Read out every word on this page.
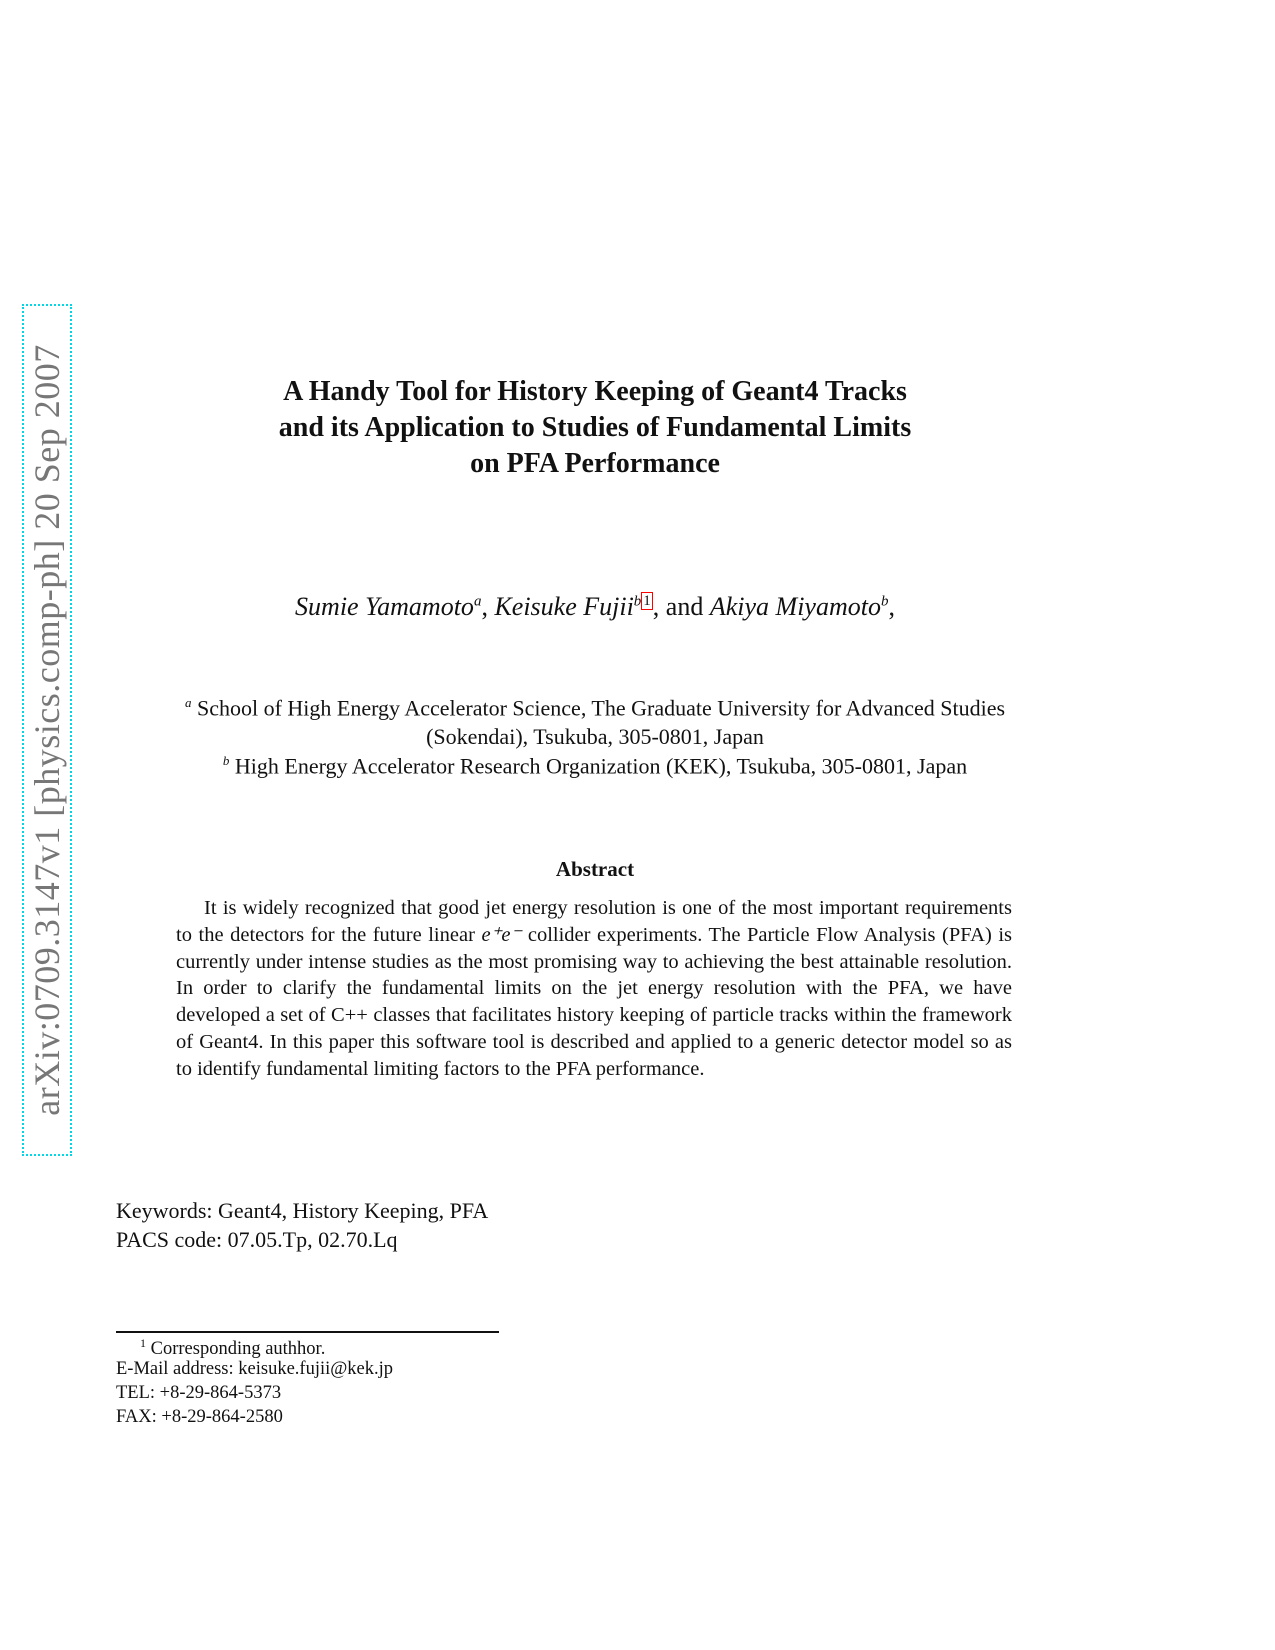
arXiv:0709.3147v1 [physics.comp-ph] 20 Sep 2007	A Handy Tool for History Keeping of Geant4 Tracks
and its Application to Studies of Fundamental Limits
on PFA Performance
Sumie Yamamoto$^a$, Keisuke Fujii$^{b 1}$, and Akiya Miyamoto$^b$,
$^a$ School of High Energy Accelerator Science, The Graduate University for Advanced Studies
(Sokendai), Tsukuba, 305-0801, Japan
$^b$ High Energy Accelerator Research Organization (KEK), Tsukuba, 305-0801, Japan
Abstract
It is widely recognized that good jet energy resolution is one of the most important requirements to the detectors for the future linear e⁺e⁻ collider experiments. The Particle Flow Analysis (PFA) is currently under intense studies as the most promising way to achieving the best attainable resolution. In order to clarify the fundamental limits on the jet energy resolution with the PFA, we have developed a set of C++ classes that facilitates history keeping of particle tracks within the framework of Geant4. In this paper this software tool is described and applied to a generic detector model so as to identify fundamental limiting factors to the PFA performance.
Keywords: Geant4, History Keeping, PFA
PACS code: 07.05.Tp, 02.70.Lq
$^1$ Corresponding authhor.
E-Mail address: keisuke.fujii@kek.jp
TEL: +8-29-864-5373
FAX: +8-29-864-2580
